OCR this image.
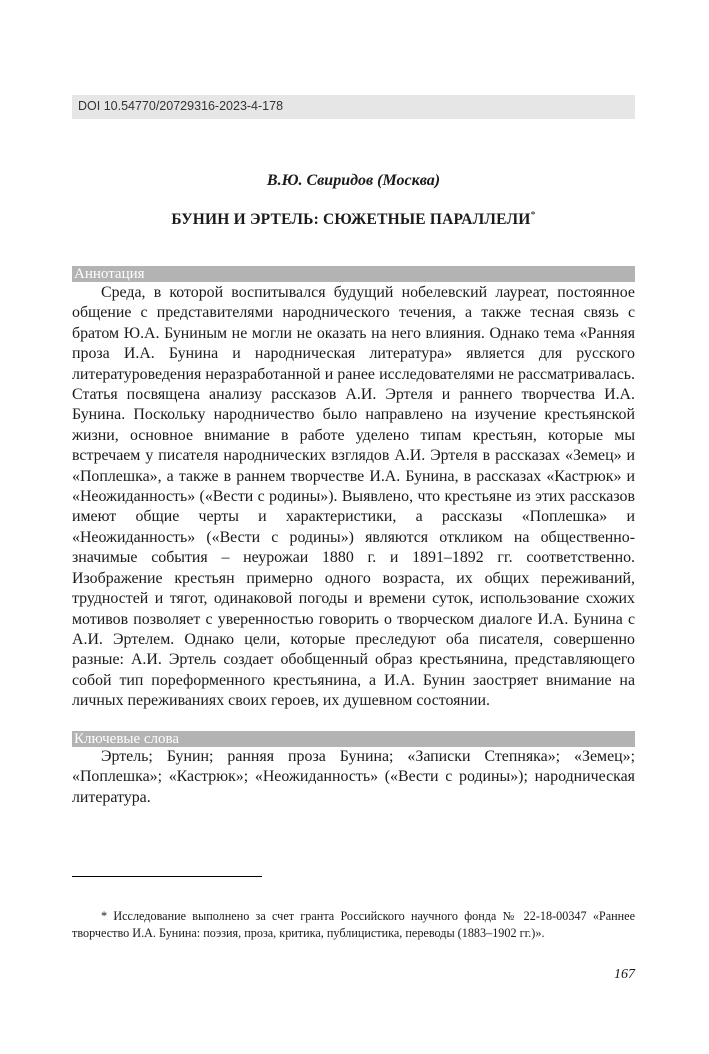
DOI 10.54770/20729316-2023-4-178
В.Ю. Свиридов (Москва)
БУНИН И ЭРТЕЛЬ: СЮЖЕТНЫЕ ПАРАЛЛЕЛИ*
Аннотация

Среда, в которой воспитывался будущий нобелевский лауреат, постоянное общение с представителями народнического течения, а также тесная связь с братом Ю.А. Буниным не могли не оказать на него влияния. Однако тема «Ранняя проза И.А. Бунина и народническая литература» является для русского литературоведения неразработанной и ранее исследователями не рассматривалась. Статья посвящена анализу рассказов А.И. Эртеля и раннего творчества И.А. Бунина. Поскольку народничество было направлено на изучение крестьянской жизни, основное внимание в работе уделено типам крестьян, которые мы встречаем у писателя народнических взглядов А.И. Эртеля в рассказах «Земец» и «Поплешка», а также в раннем творчестве И.А. Бунина, в рассказах «Кастрюк» и «Неожиданность» («Вести с родины»). Выявлено, что крестьяне из этих рассказов имеют общие черты и характеристики, а рассказы «Поплешка» и «Неожиданность» («Вести с родины») являются откликом на общественно-значимые события – неурожаи 1880 г. и 1891–1892 гг. соответственно. Изображение крестьян примерно одного возраста, их общих переживаний, трудностей и тягот, одинаковой погоды и времени суток, использование схожих мотивов позволяет с уверенностью говорить о творческом диалоге И.А. Бунина с А.И. Эртелем. Однако цели, которые преследуют оба писателя, совершенно разные: А.И. Эртель создает обобщенный образ крестьянина, представляющего собой тип пореформенного крестьянина, а И.А. Бунин заостряет внимание на личных переживаниях своих героев, их душевном состоянии.

Ключевые слова

Эртель; Бунин; ранняя проза Бунина; «Записки Степняка»; «Земец»; «Поплешка»; «Кастрюк»; «Неожиданность» («Вести с родины»); народническая литература.

* Исследование выполнено за счет гранта Российского научного фонда № 22-18-00347 «Раннее творчество И.А. Бунина: поэзия, проза, критика, публицистика, переводы (1883–1902 гг.)».

167
